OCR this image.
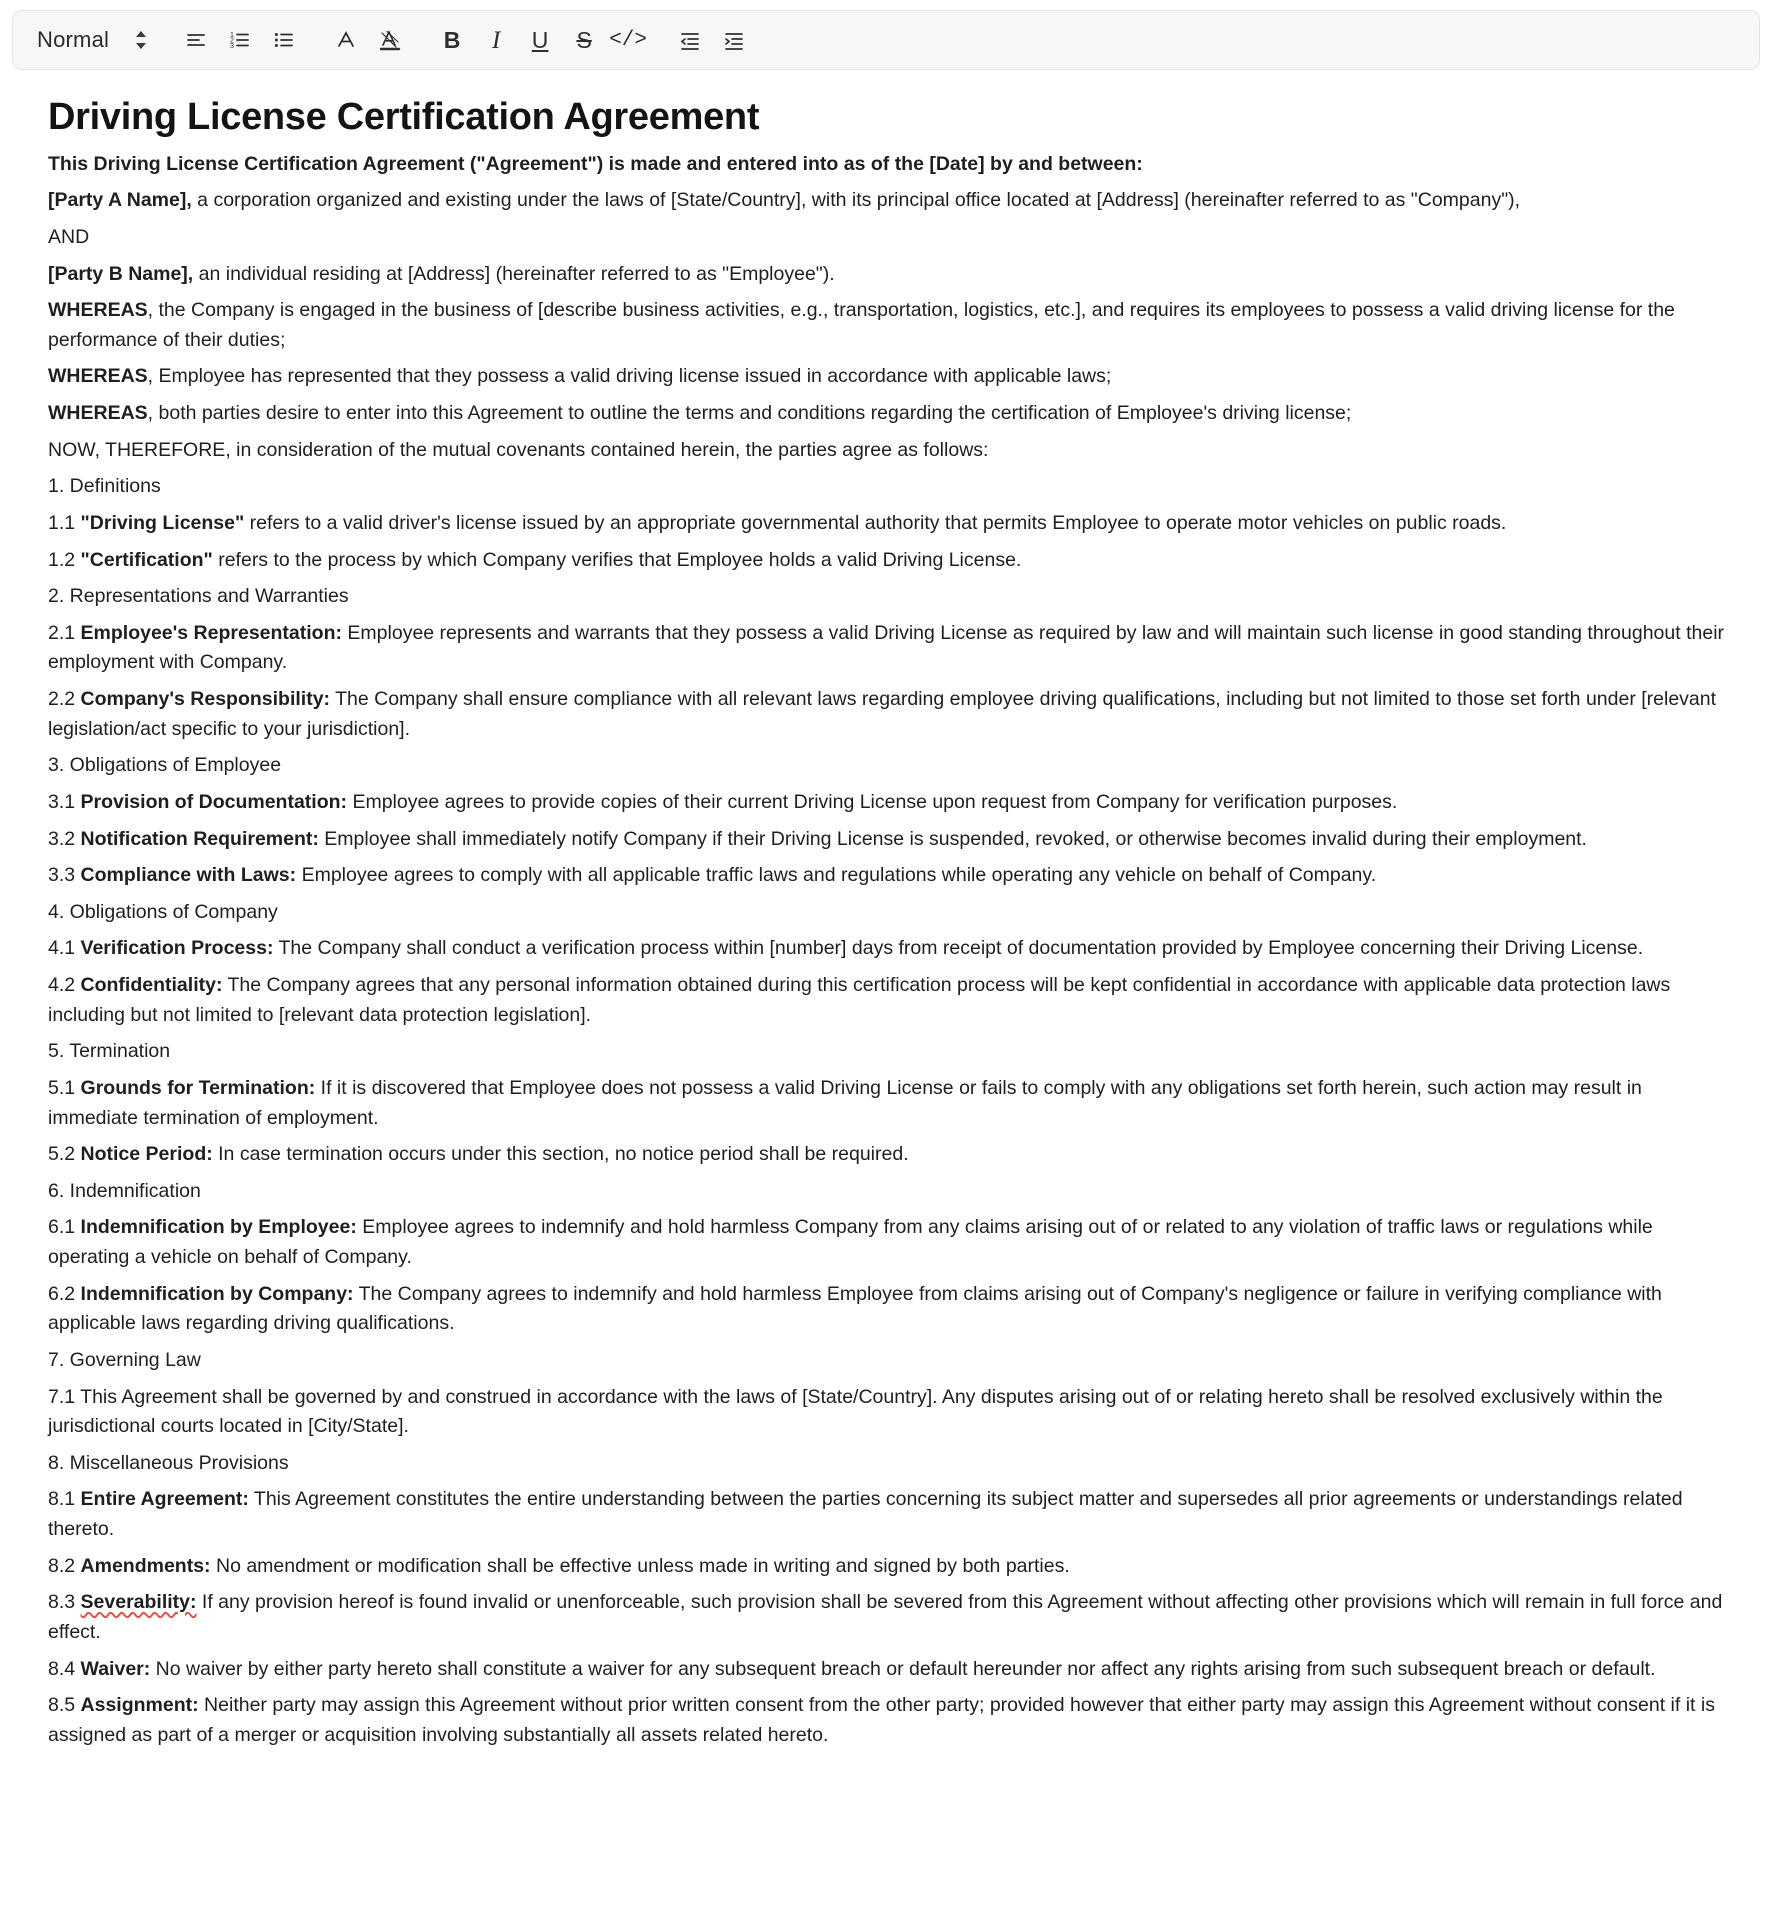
Normal	1
2
3	B I U S </>
Driving License Certification Agreement

This Driving License Certification Agreement ("Agreement") is made and entered into as of the [Date] by and between:

[Party A Name], a corporation organized and existing under the laws of [State/Country], with its principal office located at [Address] (hereinafter referred to as "Company"),

AND

[Party B Name], an individual residing at [Address] (hereinafter referred to as "Employee").

WHEREAS, the Company is engaged in the business of [describe business activities, e.g., transportation, logistics, etc.], and requires its employees to possess a valid driving license for the performance of their duties;

WHEREAS, Employee has represented that they possess a valid driving license issued in accordance with applicable laws;

WHEREAS, both parties desire to enter into this Agreement to outline the terms and conditions regarding the certification of Employee's driving license;

NOW, THEREFORE, in consideration of the mutual covenants contained herein, the parties agree as follows:

1. Definitions

1.1 "Driving License" refers to a valid driver's license issued by an appropriate governmental authority that permits Employee to operate motor vehicles on public roads.

1.2 "Certification" refers to the process by which Company verifies that Employee holds a valid Driving License.

2. Representations and Warranties

2.1 Employee's Representation: Employee represents and warrants that they possess a valid Driving License as required by law and will maintain such license in good standing throughout their employment with Company.

2.2 Company's Responsibility: The Company shall ensure compliance with all relevant laws regarding employee driving qualifications, including but not limited to those set forth under [relevant legislation/act specific to your jurisdiction].

3. Obligations of Employee

3.1 Provision of Documentation: Employee agrees to provide copies of their current Driving License upon request from Company for verification purposes.

3.2 Notification Requirement: Employee shall immediately notify Company if their Driving License is suspended, revoked, or otherwise becomes invalid during their employment.

3.3 Compliance with Laws: Employee agrees to comply with all applicable traffic laws and regulations while operating any vehicle on behalf of Company.

4. Obligations of Company

4.1 Verification Process: The Company shall conduct a verification process within [number] days from receipt of documentation provided by Employee concerning their Driving License.

4.2 Confidentiality: The Company agrees that any personal information obtained during this certification process will be kept confidential in accordance with applicable data protection laws including but not limited to [relevant data protection legislation].

5. Termination

5.1 Grounds for Termination: If it is discovered that Employee does not possess a valid Driving License or fails to comply with any obligations set forth herein, such action may result in immediate termination of employment.

5.2 Notice Period: In case termination occurs under this section, no notice period shall be required.

6. Indemnification

6.1 Indemnification by Employee: Employee agrees to indemnify and hold harmless Company from any claims arising out of or related to any violation of traffic laws or regulations while operating a vehicle on behalf of Company.

6.2 Indemnification by Company: The Company agrees to indemnify and hold harmless Employee from claims arising out of Company's negligence or failure in verifying compliance with applicable laws regarding driving qualifications.

7. Governing Law

7.1 This Agreement shall be governed by and construed in accordance with the laws of [State/Country]. Any disputes arising out of or relating hereto shall be resolved exclusively within the jurisdictional courts located in [City/State].

8. Miscellaneous Provisions

8.1 Entire Agreement: This Agreement constitutes the entire understanding between the parties concerning its subject matter and supersedes all prior agreements or understandings related thereto.

8.2 Amendments: No amendment or modification shall be effective unless made in writing and signed by both parties.

8.3 Severability: If any provision hereof is found invalid or unenforceable, such provision shall be severed from this Agreement without affecting other provisions which will remain in full force and effect.

8.4 Waiver: No waiver by either party hereto shall constitute a waiver for any subsequent breach or default hereunder nor affect any rights arising from such subsequent breach or default.

8.5 Assignment: Neither party may assign this Agreement without prior written consent from the other party; provided however that either party may assign this Agreement without consent if it is assigned as part of a merger or acquisition involving substantially all assets related hereto.
